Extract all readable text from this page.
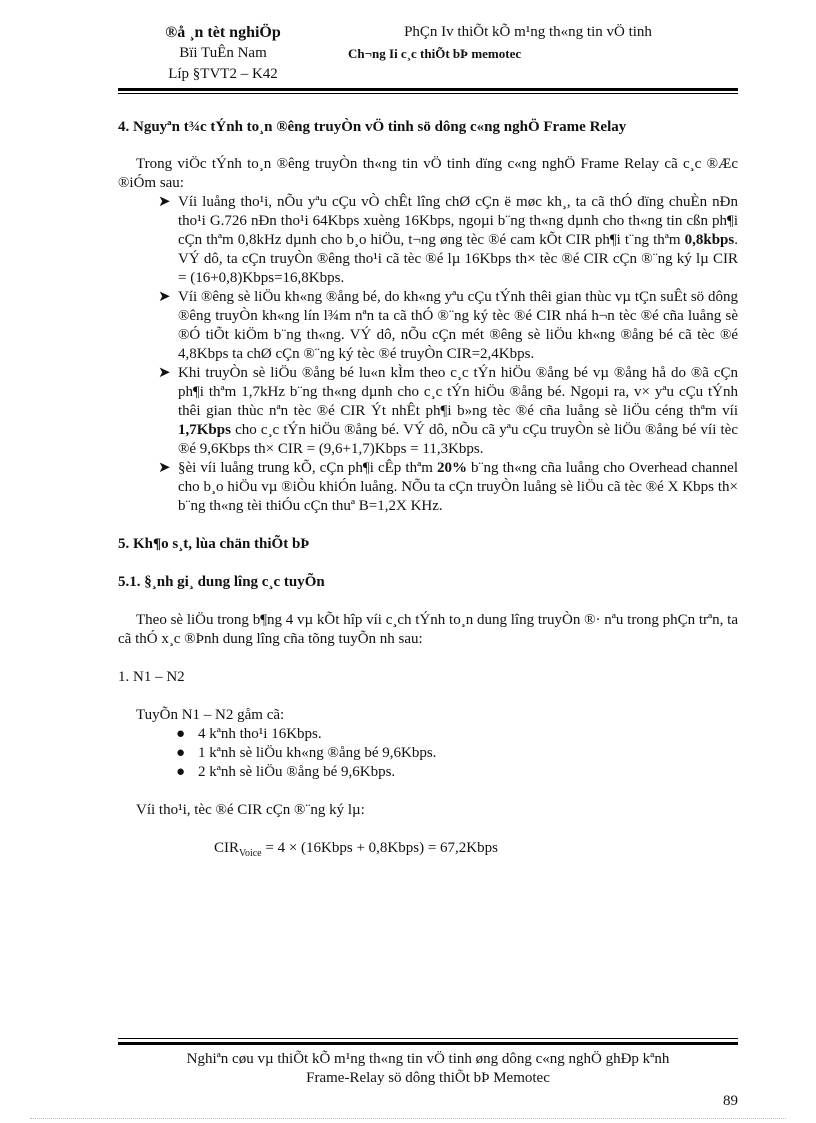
®å ¸n tèt nghiÖp
Bïi TuÊn Nam
Líp §TVT2 – K42
PhÇn Iv thiÕt kÕ m¹ng th«ng tin vÖ tinh
Ch¬ng Ii c¸c thiÕt bÞ memotec
4. Nguyªn t¾c tÝnh to¸n ®êng truyÒn vÖ tinh sö dông c«ng nghÖ Frame Relay

Trong viÖc tÝnh to¸n ®êng truyÒn th«ng tin vÖ tinh dïng c«ng nghÖ Frame Relay cã c¸c ®Æc ®iÓm sau:

➤ Víi luång tho¹i, nÕu yªu cÇu vÒ chÊt lîng chØ cÇn ë møc kh¸, ta cã thÓ dïng chuÈn nÐn tho¹i G.726 nÐn tho¹i 64Kbps xuèng 16Kbps, ngoµi b¨ng th«ng dµnh cho th«ng tin cßn ph¶i cÇn thªm 0,8kHz dµnh cho b¸o hiÖu, t¬ng øng tèc ®é cam kÕt CIR ph¶i t¨ng thªm 0,8kbps. VÝ dô, ta cÇn truyÒn ®êng tho¹i cã tèc ®é lµ 16Kbps th× tèc ®é CIR cÇn ®¨ng ký lµ CIR = (16+0,8)Kbps=16,8Kbps.
➤ Víi ®êng sè liÖu kh«ng ®ång bé, do kh«ng yªu cÇu tÝnh thêi gian thùc vµ tÇn suÊt sö dông ®êng truyÒn kh«ng lín l¾m nªn ta cã thÓ ®¨ng ký tèc ®é CIR nhá h¬n tèc ®é cña luång sè ®Ó tiÕt kiÖm b¨ng th«ng. VÝ dô, nÕu cÇn mét ®êng sè liÖu kh«ng ®ång bé cã tèc ®é 4,8Kbps ta chØ cÇn ®¨ng ký tèc ®é truyÒn CIR=2,4Kbps.
➤ Khi truyÒn sè liÖu ®ång bé lu«n kÌm theo c¸c tÝn hiÖu ®ång bé vµ ®ång hå do ®ã cÇn ph¶i thªm 1,7kHz b¨ng th«ng dµnh cho c¸c tÝn hiÖu ®ång bé. Ngoµi ra, v× yªu cÇu tÝnh thêi gian thùc nªn tèc ®é CIR Ýt nhÊt ph¶i b»ng tèc ®é cña luång sè liÖu céng thªm víi 1,7Kbps cho c¸c tÝn hiÖu ®ång bé. VÝ dô, nÕu cã yªu cÇu truyÒn sè liÖu ®ång bé víi tèc ®é 9,6Kbps th× CIR = (9,6+1,7)Kbps = 11,3Kbps.
➤ §èi víi luång trung kÕ, cÇn ph¶i cÊp thªm 20% b¨ng th«ng cña luång cho Overhead channel cho b¸o hiÖu vµ ®iÒu khiÓn luång. NÕu ta cÇn truyÒn luång sè liÖu cã tèc ®é X Kbps th× b¨ng th«ng tèi thiÓu cÇn thuª B=1,2X KHz.
5. Kh¶o s¸t, lùa chän thiÕt bÞ
5.1. §¸nh gi¸ dung lîng c¸c tuyÕn

Theo sè liÖu trong b¶ng 4 vµ kÕt hîp víi c¸ch tÝnh to¸n dung lîng truyÒn ®· nªu trong phÇn trªn, ta cã thÓ x¸c ®Þnh dung lîng cña tõng tuyÕn nh sau:

1. N1 – N2

TuyÕn N1 – N2 gåm cã:

● 4 kªnh tho¹i 16Kbps.
● 1 kªnh sè liÖu kh«ng ®ång bé 9,6Kbps.
● 2 kªnh sè liÖu ®ång bé 9,6Kbps.

Víi tho¹i, tèc ®é CIR cÇn ®¨ng ký lµ:

$CIR_{Voice} = 4$ × (16Kbps + 0,8Kbps) = 67,2Kbps

Nghiªn cøu vµ thiÕt kÕ m¹ng th«ng tin vÖ tinh øng dông c«ng nghÖ ghÐp kªnh
Frame-Relay sö dông thiÕt bÞ Memotec
89
